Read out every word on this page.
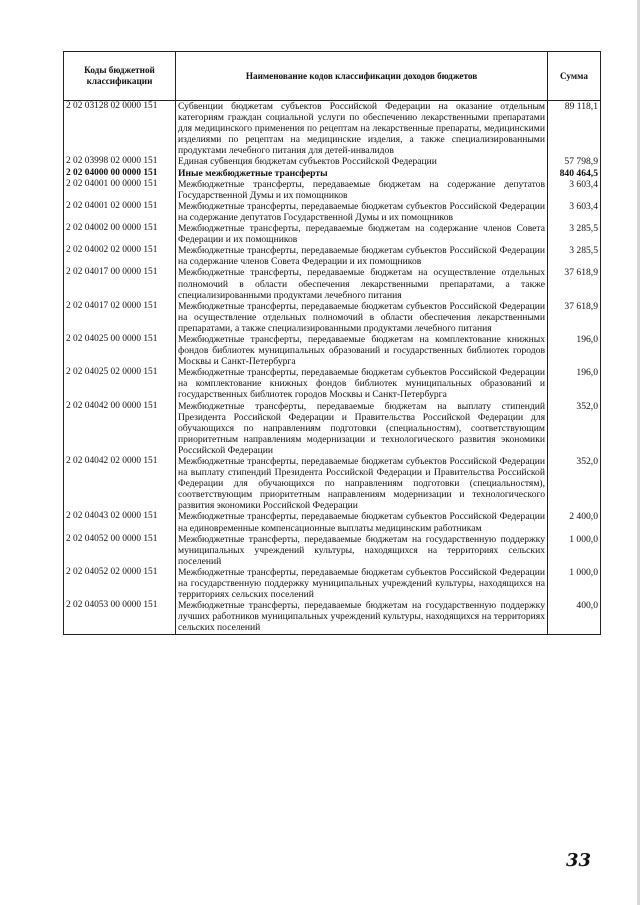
Коды бюджетной классификации	Наименование кодов классификации доходов бюджетов	Сумма
2 02 03128 02 0000 151	Субвенции бюджетам субъектов Российской Федерации на оказание отдельным категориям граждан социальной услуги по обеспечению лекарственными препаратами для медицинского применения по рецептам на лекарственные препараты, медицинскими изделиями по рецептам на медицинские изделия, а также специализированными продуктами лечебного питания для детей-инвалидов	89 118,1
2 02 03998 02 0000 151	Единая субвенция бюджетам субъектов Российской Федерации	57 798,9
2 02 04000 00 0000 151	Иные межбюджетные трансферты	840 464,5
2 02 04001 00 0000 151	Межбюджетные трансферты, передаваемые бюджетам на содержание депутатов Государственной Думы и их помощников	3 603,4
2 02 04001 02 0000 151	Межбюджетные трансферты, передаваемые бюджетам субъектов Российской Федерации на содержание депутатов Государственной Думы и их помощников	3 603,4
2 02 04002 00 0000 151	Межбюджетные трансферты, передаваемые бюджетам на содержание членов Совета Федерации и их помощников	3 285,5
2 02 04002 02 0000 151	Межбюджетные трансферты, передаваемые бюджетам субъектов Российской Федерации на содержание членов Совета Федерации и их помощников	3 285,5
2 02 04017 00 0000 151	Межбюджетные трансферты, передаваемые бюджетам на осуществление отдельных полномочий в области обеспечения лекарственными препаратами, а также специализированными продуктами лечебного питания	37 618,9
2 02 04017 02 0000 151	Межбюджетные трансферты, передаваемые бюджетам субъектов Российской Федерации на осуществление отдельных полномочий в области обеспечения лекарственными препаратами, а также специализированными продуктами лечебного питания	37 618,9
2 02 04025 00 0000 151	Межбюджетные трансферты, передаваемые бюджетам на комплектование книжных фондов библиотек муниципальных образований и государственных библиотек городов Москвы и Санкт-Петербурга	196,0
2 02 04025 02 0000 151	Межбюджетные трансферты, передаваемые бюджетам субъектов Российской Федерации на комплектование книжных фондов библиотек муниципальных образований и государственных библиотек городов Москвы и Санкт-Петербурга	196,0
2 02 04042 00 0000 151	Межбюджетные трансферты, передаваемые бюджетам на выплату стипендий Президента Российской Федерации и Правительства Российской Федерации для обучающихся по направлениям подготовки (специальностям), соответствующим приоритетным направлениям модернизации и технологического развития экономики Российской Федерации	352,0
2 02 04042 02 0000 151	Межбюджетные трансферты, передаваемые бюджетам субъектов Российской Федерации на выплату стипендий Президента Российской Федерации и Правительства Российской Федерации для обучающихся по направлениям подготовки (специальностям), соответствующим приоритетным направлениям модернизации и технологического развития экономики Российской Федерации	352,0
2 02 04043 02 0000 151	Межбюджетные трансферты, передаваемые бюджетам субъектов Российской Федерации на единовременные компенсационные выплаты медицинским работникам	2 400,0
2 02 04052 00 0000 151	Межбюджетные трансферты, передаваемые бюджетам на государственную поддержку муниципальных учреждений культуры, находящихся на территориях сельских поселений	1 000,0
2 02 04052 02 0000 151	Межбюджетные трансферты, передаваемые бюджетам субъектов Российской Федерации на государственную поддержку муниципальных учреждений культуры, находящихся на территориях сельских поселений	1 000,0
2 02 04053 00 0000 151	Межбюджетные трансферты, передаваемые бюджетам на государственную поддержку лучших работников муниципальных учреждений культуры, находящихся на территориях сельских поселений	400,0
33
